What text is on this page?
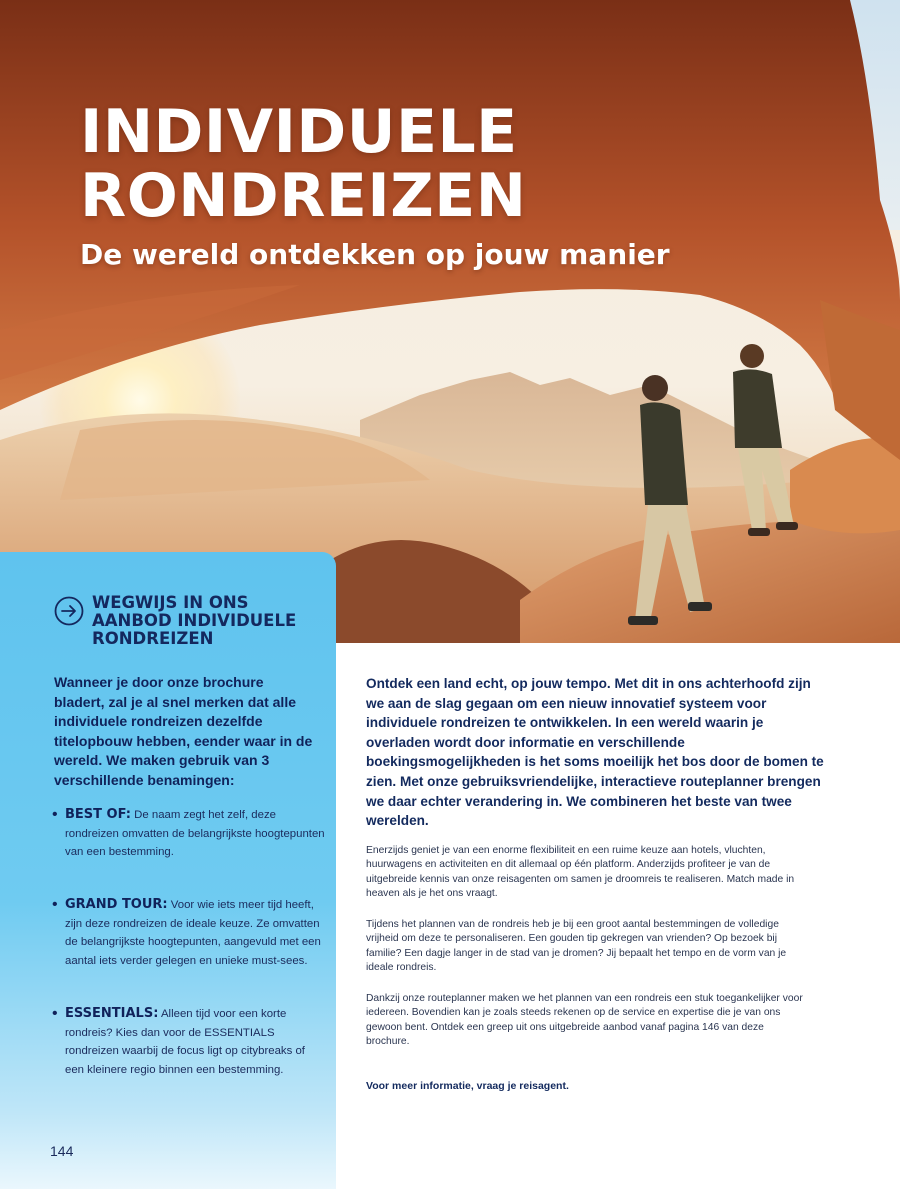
INDIVIDUELE
RONDREIZEN
De wereld ontdekken op jouw manier
WEGWIJS IN ONS AANBOD INDIVIDUELE RONDREIZEN

Wanneer je door onze brochure bladert, zal je al snel merken dat alle individuele rondreizen dezelfde titelopbouw hebben, eender waar in de wereld. We maken gebruik van 3 verschillende benamingen:

• BEST OF: De naam zegt het zelf, deze rondreizen omvatten de belangrijkste hoogtepunten van een bestemming.

• GRAND TOUR: Voor wie iets meer tijd heeft, zijn deze rondreizen de ideale keuze. Ze omvatten de belangrijkste hoogtepunten, aangevuld met een aantal iets verder gelegen en unieke must-sees.

• ESSENTIALS: Alleen tijd voor een korte rondreis? Kies dan voor de ESSENTIALS rondreizen waarbij de focus ligt op citybreaks of een kleinere regio binnen een bestemming.

144

Ontdek een land echt, op jouw tempo. Met dit in ons achterhoofd zijn we aan de slag gegaan om een nieuw innovatief systeem voor individuele rondreizen te ontwikkelen. In een wereld waarin je overladen wordt door informatie en verschillende boekingsmogelijkheden is het soms moeilijk het bos door de bomen te zien. Met onze gebruiksvriendelijke, interactieve routeplanner brengen we daar echter verandering in. We combineren het beste van twee werelden.

Enerzijds geniet je van een enorme flexibiliteit en een ruime keuze aan hotels, vluchten, huurwagens en activiteiten en dit allemaal op één platform. Anderzijds profiteer je van de uitgebreide kennis van onze reisagenten om samen je droomreis te realiseren. Match made in heaven als je het ons vraagt.

Tijdens het plannen van de rondreis heb je bij een groot aantal bestemmingen de volledige vrijheid om deze te personaliseren. Een gouden tip gekregen van vrienden? Op bezoek bij familie? Een dagje langer in de stad van je dromen? Jij bepaalt het tempo en de vorm van je ideale rondreis.

Dankzij onze routeplanner maken we het plannen van een rondreis een stuk toegankelijker voor iedereen. Bovendien kan je zoals steeds rekenen op de service en expertise die je van ons gewoon bent. Ontdek een greep uit ons uitgebreide aanbod vanaf pagina 146 van deze brochure.

Voor meer informatie, vraag je reisagent.
